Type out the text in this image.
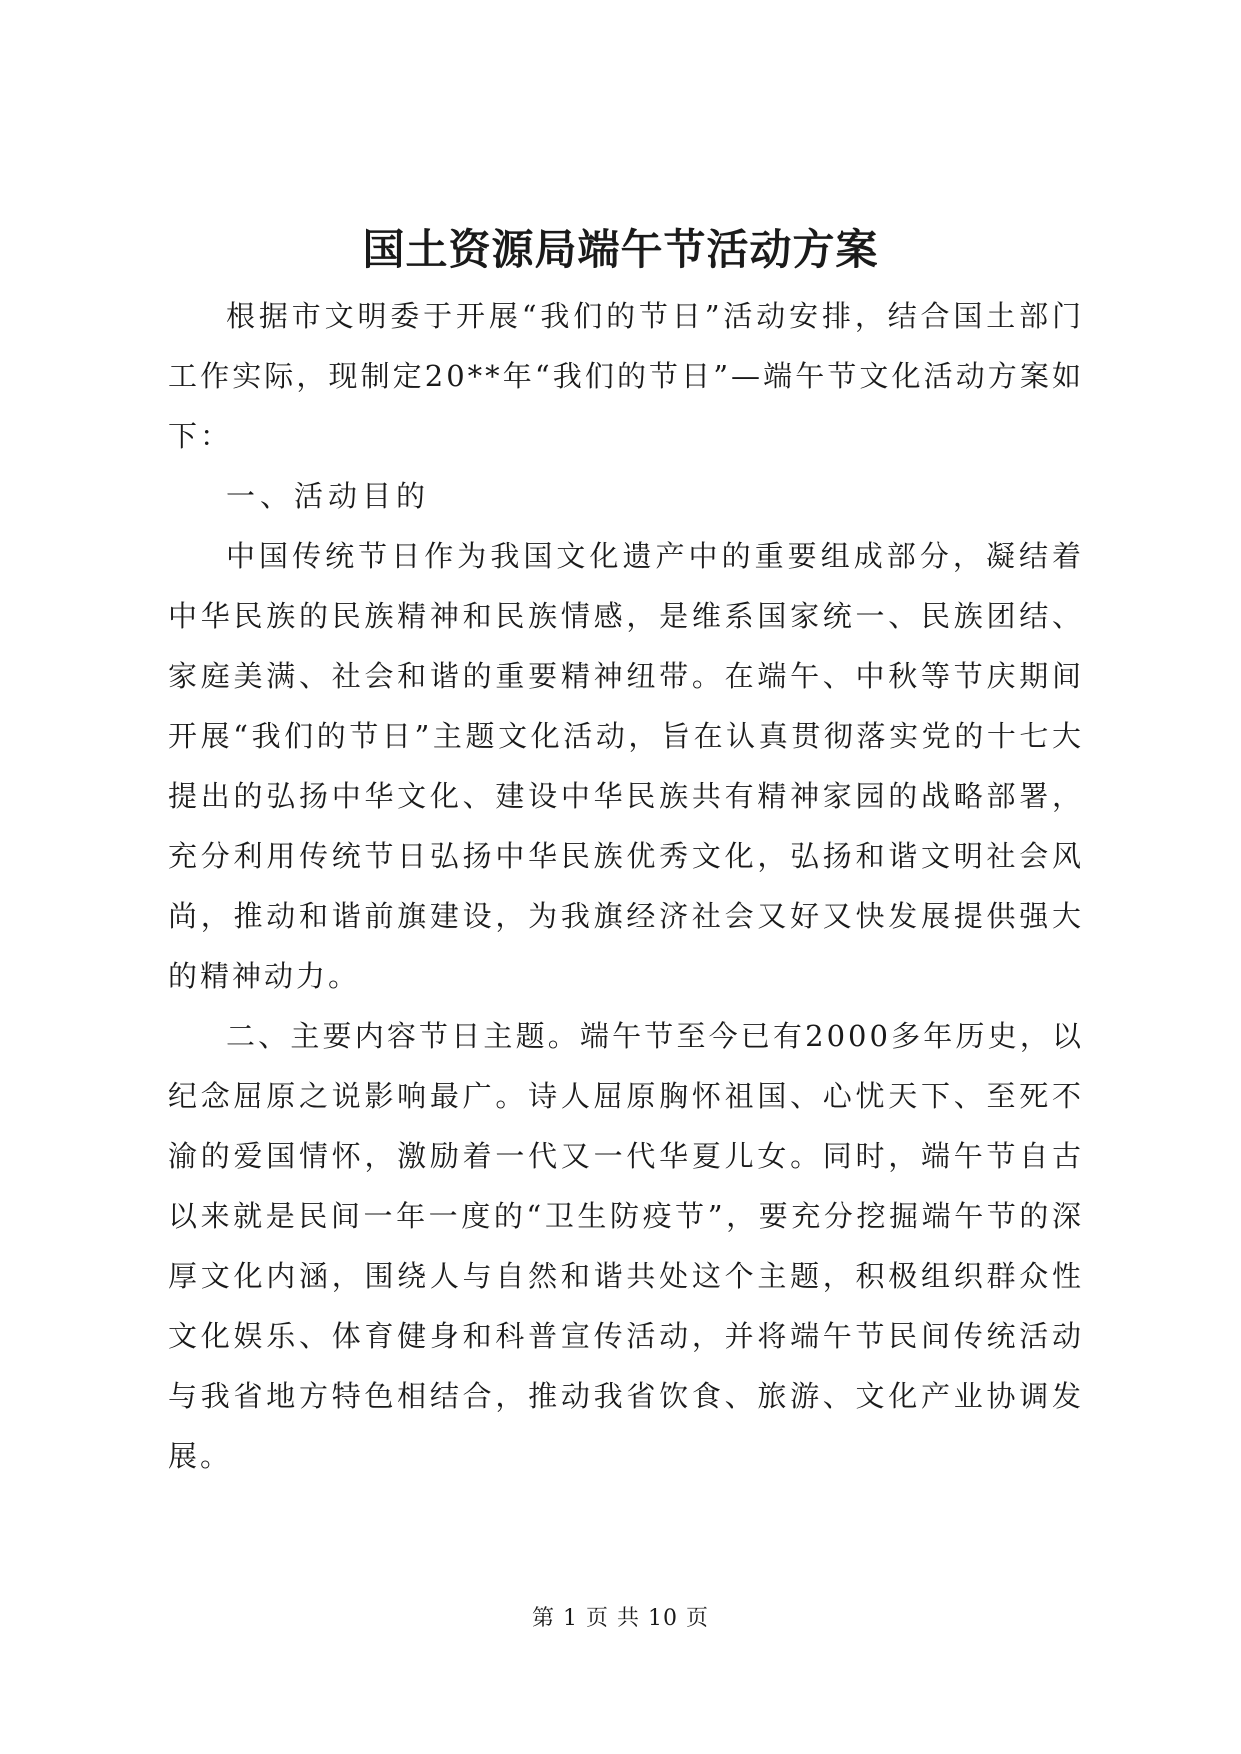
国土资源局端午节活动方案

根据市文明委于开展“我们的节日”活动安排，结合国土部门工作实际，现制定20**年“我们的节日”—端午节文化活动方案如下：

一、活动目的

中国传统节日作为我国文化遗产中的重要组成部分，凝结着中华民族的民族精神和民族情感，是维系国家统一、民族团结、家庭美满、社会和谐的重要精神纽带。在端午、中秋等节庆期间开展“我们的节日”主题文化活动，旨在认真贯彻落实党的十七大提出的弘扬中华文化、建设中华民族共有精神家园的战略部署，充分利用传统节日弘扬中华民族优秀文化，弘扬和谐文明社会风尚，推动和谐前旗建设，为我旗经济社会又好又快发展提供强大的精神动力。

二、主要内容节日主题。端午节至今已有2000多年历史，以纪念屈原之说影响最广。诗人屈原胸怀祖国、心忧天下、至死不渝的爱国情怀，激励着一代又一代华夏儿女。同时，端午节自古以来就是民间一年一度的“卫生防疫节”，要充分挖掘端午节的深厚文化内涵，围绕人与自然和谐共处这个主题，积极组织群众性文化娱乐、体育健身和科普宣传活动，并将端午节民间传统活动与我省地方特色相结合，推动我省饮食、旅游、文化产业协调发展。

第 1 页 共 10 页
